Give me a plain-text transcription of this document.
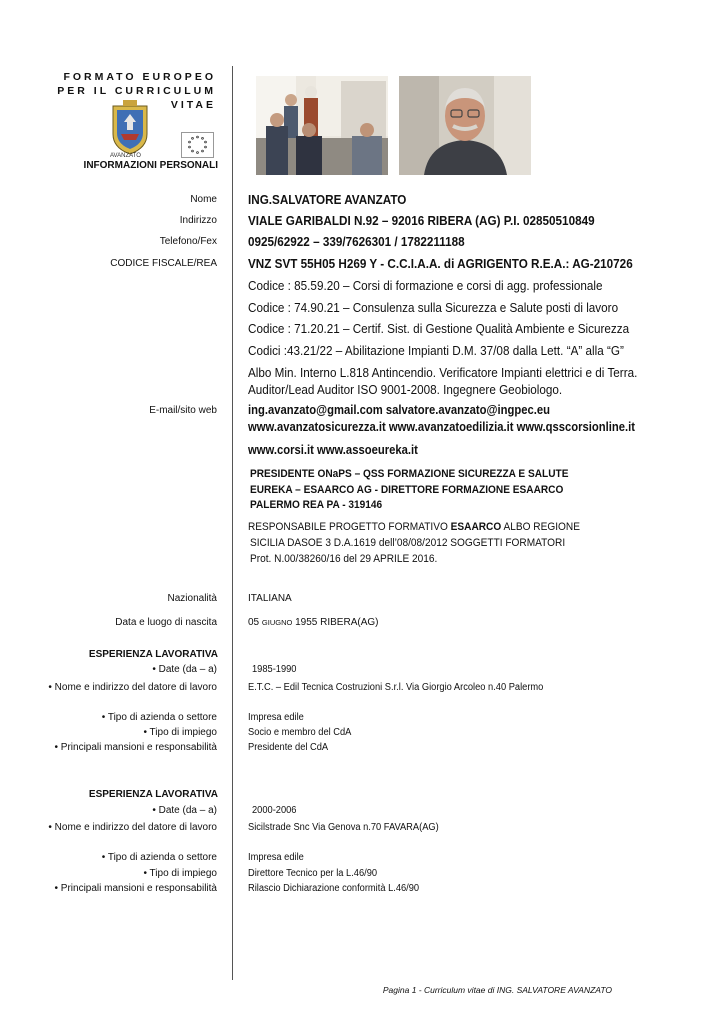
FORMATO EUROPEO
PER IL CURRICULUM
VITAE
AVANZATO
INFORMAZIONI PERSONALI
Nome ING.SALVATORE AVANZATO
Indirizzo VIALE GARIBALDI N.92 – 92016 RIBERA (AG) P.I. 02850510849
Telefono/Fex 0925/62922 – 339/7626301 / 1782211188
CODICE FISCALE/REA VNZ SVT 55H05 H269 Y - C.C.I.A.A. di AGRIGENTO R.E.A.: AG-210726
Codice : 85.59.20 – Corsi di formazione e corsi di agg. professionale
Codice : 74.90.21 – Consulenza sulla Sicurezza e Salute posti di lavoro
Codice : 71.20.21 – Certif. Sist. di Gestione Qualità Ambiente e Sicurezza
Codici :43.21/22 – Abilitazione Impianti D.M. 37/08 dalla Lett. “A” alla “G”
Albo Min. Interno L.818 Antincendio. Verificatore Impianti elettrici e di Terra.
Auditor/Lead Auditor ISO 9001-2008. Ingegnere Geobiologo.
E-mail/sito web ing.avanzato@gmail.com salvatore.avanzato@ingpec.eu
www.avanzatosicurezza.it www.avanzatoedilizia.it www.qsscorsionline.it
www.corsi.it www.assoeureka.it
PRESIDENTE ONaPS – QSS FORMAZIONE SICUREZZA E SALUTE
EUREKA – ESAARCO AG - DIRETTORE FORMAZIONE ESAARCO
PALERMO REA PA - 319146
RESPONSABILE PROGETTO FORMATIVO ESAARCO ALBO REGIONE
SICILIA DASOE 3 D.A.1619 dell’08/08/2012 SOGGETTI FORMATORI
Prot. N.00/38260/16 del 29 APRILE 2016.
Nazionalità	ITALIANA
Data e luogo di nascita	05 GIUGNO 1955 RIBERA(AG)
ESPERIENZA LAVORATIVA
• Date (da – a)	1985-1990
• Nome e indirizzo del datore di lavoro	E.T.C. – Edil Tecnica Costruzioni S.r.l. Via Giorgio Arcoleo n.40 Palermo
• Tipo di azienda o settore	Impresa edile
• Tipo di impiego	Socio e membro del CdA
• Principali mansioni e responsabilità	Presidente del CdA
ESPERIENZA LAVORATIVA
• Date (da – a)	2000-2006
• Nome e indirizzo del datore di lavoro	Sicilstrade Snc Via Genova n.70 FAVARA(AG)
• Tipo di azienda o settore	Impresa edile
• Tipo di impiego	Direttore Tecnico per la L.46/90
• Principali mansioni e responsabilità	Rilascio Dichiarazione conformità L.46/90
Pagina 1 - Curriculum vitae di ING. SALVATORE AVANZATO
